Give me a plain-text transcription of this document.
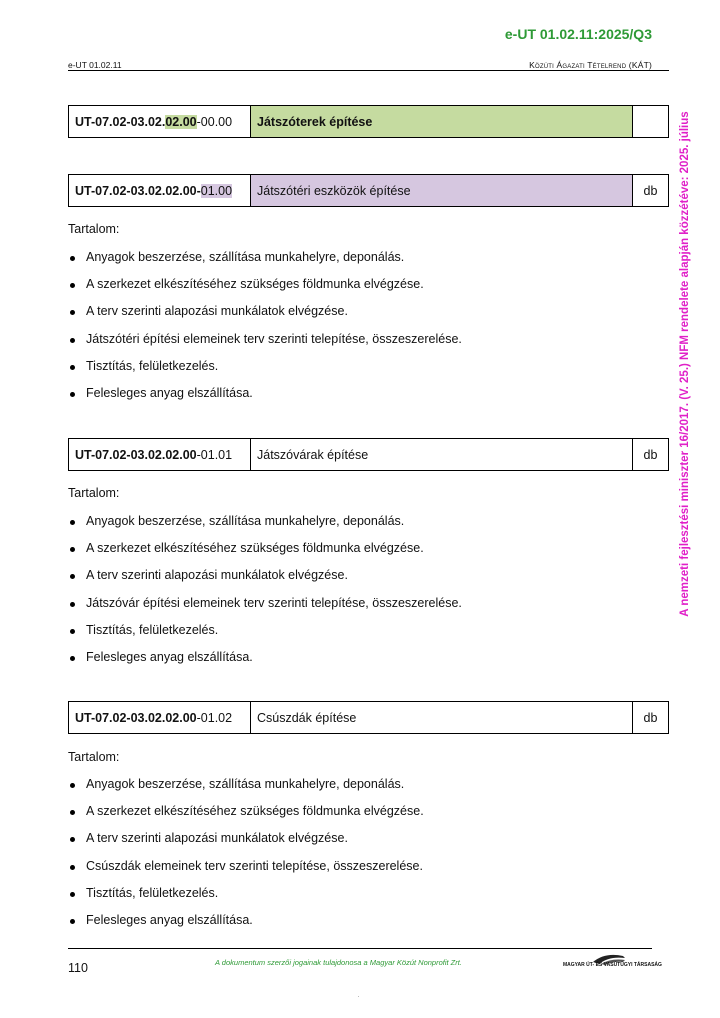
e-UT 01.02.11:2025/Q3
e-UT 01.02.11	Közúti Ágazati Tételrend (KÁT)
A nemzeti fejlesztési miniszter 16/2017. (V. 25.) NFM rendelete alapján közzétéve: 2025. július
UT-07.02-03.02.02.00-00.00	Játszóterek építése	
UT-07.02-03.02.02.00-01.00	Játszótéri eszközök építése	db
Tartalom:
Anyagok beszerzése, szállítása munkahelyre, deponálás.
A szerkezet elkészítéséhez szükséges földmunka elvégzése.
A terv szerinti alapozási munkálatok elvégzése.
Játszótéri építési elemeinek terv szerinti telepítése, összeszerelése.
Tisztítás, felületkezelés.
Felesleges anyag elszállítása.
UT-07.02-03.02.02.00-01.01	Játszóvárak építése	db
Tartalom:
Anyagok beszerzése, szállítása munkahelyre, deponálás.
A szerkezet elkészítéséhez szükséges földmunka elvégzése.
A terv szerinti alapozási munkálatok elvégzése.
Játszóvár építési elemeinek terv szerinti telepítése, összeszerelése.
Tisztítás, felületkezelés.
Felesleges anyag elszállítása.
UT-07.02-03.02.02.00-01.02	Csúszdák építése	db
Tartalom:
Anyagok beszerzése, szállítása munkahelyre, deponálás.
A szerkezet elkészítéséhez szükséges földmunka elvégzése.
A terv szerinti alapozási munkálatok elvégzése.
Csúszdák elemeinek terv szerinti telepítése, összeszerelése.
Tisztítás, felületkezelés.
Felesleges anyag elszállítása.
110	A dokumentum szerzői jogainak tulajdonosa a Magyar Közút Nonprofit Zrt.	MAGYAR ÚT- ÉS VASÚTÜGYI TÁRSASÁG
